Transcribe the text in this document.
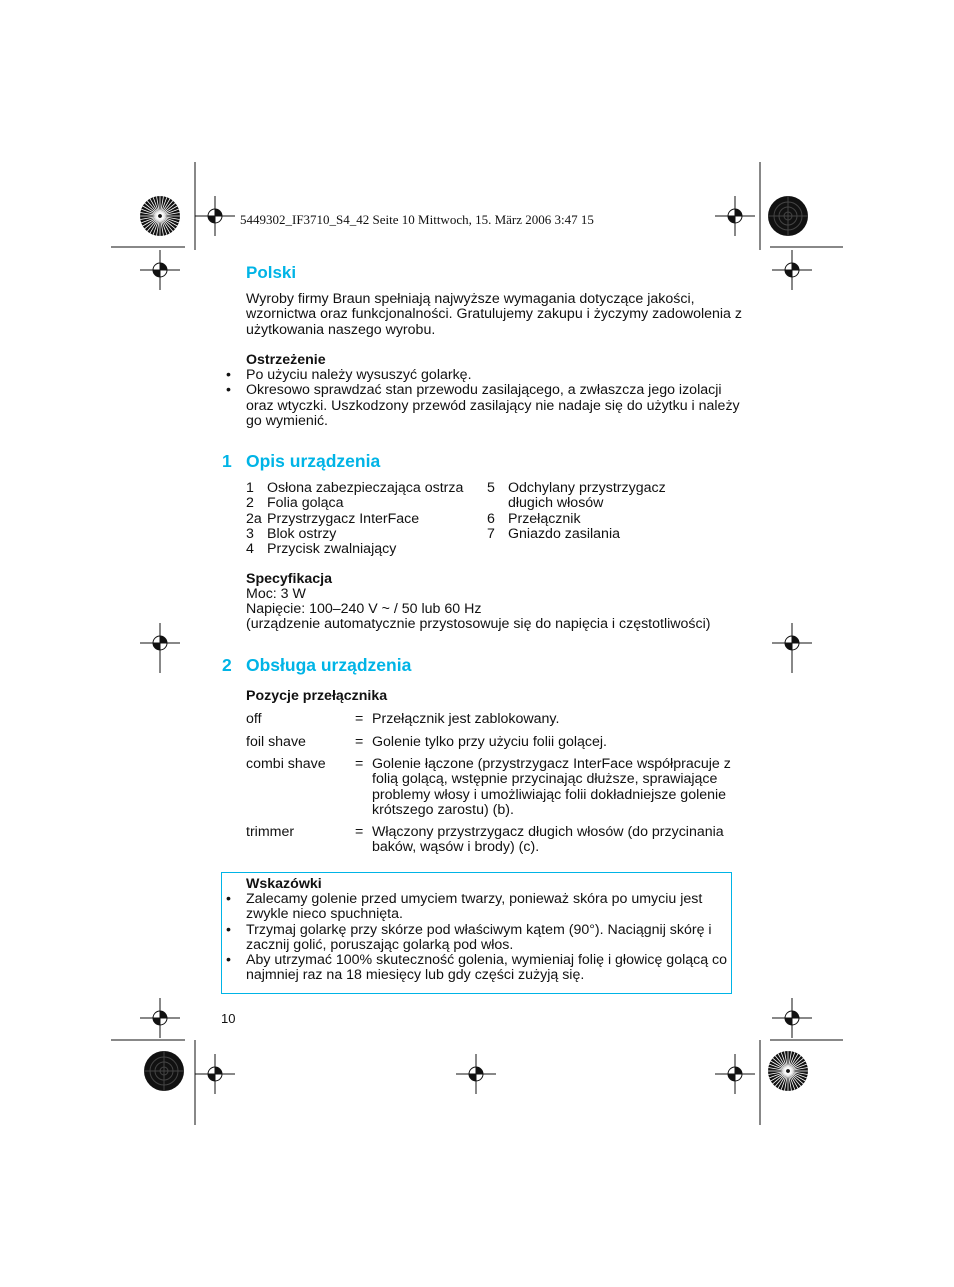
5449302_IF3710_S4_42 Seite 10 Mittwoch, 15. März 2006 3:47 15
Polski
Wyroby firmy Braun spełniają najwyższe wymagania dotyczące jakości, wzornictwa oraz funkcjonalności. Gratulujemy zakupu i życzymy zadowolenia z użytkowania naszego wyrobu.
Ostrzeżenie
• Po użyciu należy wysuszyć golarkę.
• Okresowo sprawdzać stan przewodu zasilającego, a zwłaszcza jego izolacji oraz wtyczki. Uszkodzony przewód zasilający nie nadaje się do użytku i należy go wymienić.
1 Opis urządzenia
1 Osłona zabezpieczająca ostrza
2 Folia goląca
2a Przystrzygacz InterFace
3 Blok ostrzy
4 Przycisk zwalniający
5 Odchylany przystrzygacz długich włosów
6 Przełącznik
7 Gniazdo zasilania
Specyfikacja
Moc: 3 W
Napięcie: 100–240 V ~ / 50 lub 60 Hz
(urządzenie automatycznie przystosowuje się do napięcia i częstotliwości)
2 Obsługa urządzenia
Pozycje przełącznika
off	= Przełącznik jest zablokowany.
foil shave	= Golenie tylko przy użyciu folii golącej.
combi shave = Golenie łączone (przystrzygacz InterFace współpracuje z folią golącą, wstępnie przycinając dłuższe, sprawiające problemy włosy i umożliwiając folii dokładniejsze golenie krótszego zarostu) (b).
trimmer	= Włączony przystrzygacz długich włosów (do przycinania baków, wąsów i brody) (c).
Wskazówki
• Zalecamy golenie przed umyciem twarzy, ponieważ skóra po umyciu jest zwykle nieco spuchnięta.
• Trzymaj golarkę przy skórze pod właściwym kątem (90°). Naciągnij skórę i zacznij golić, poruszając golarką pod włos.
• Aby utrzymać 100% skuteczność golenia, wymieniaj folię i głowicę golącą co najmniej raz na 18 miesięcy lub gdy części zużyją się.
10
